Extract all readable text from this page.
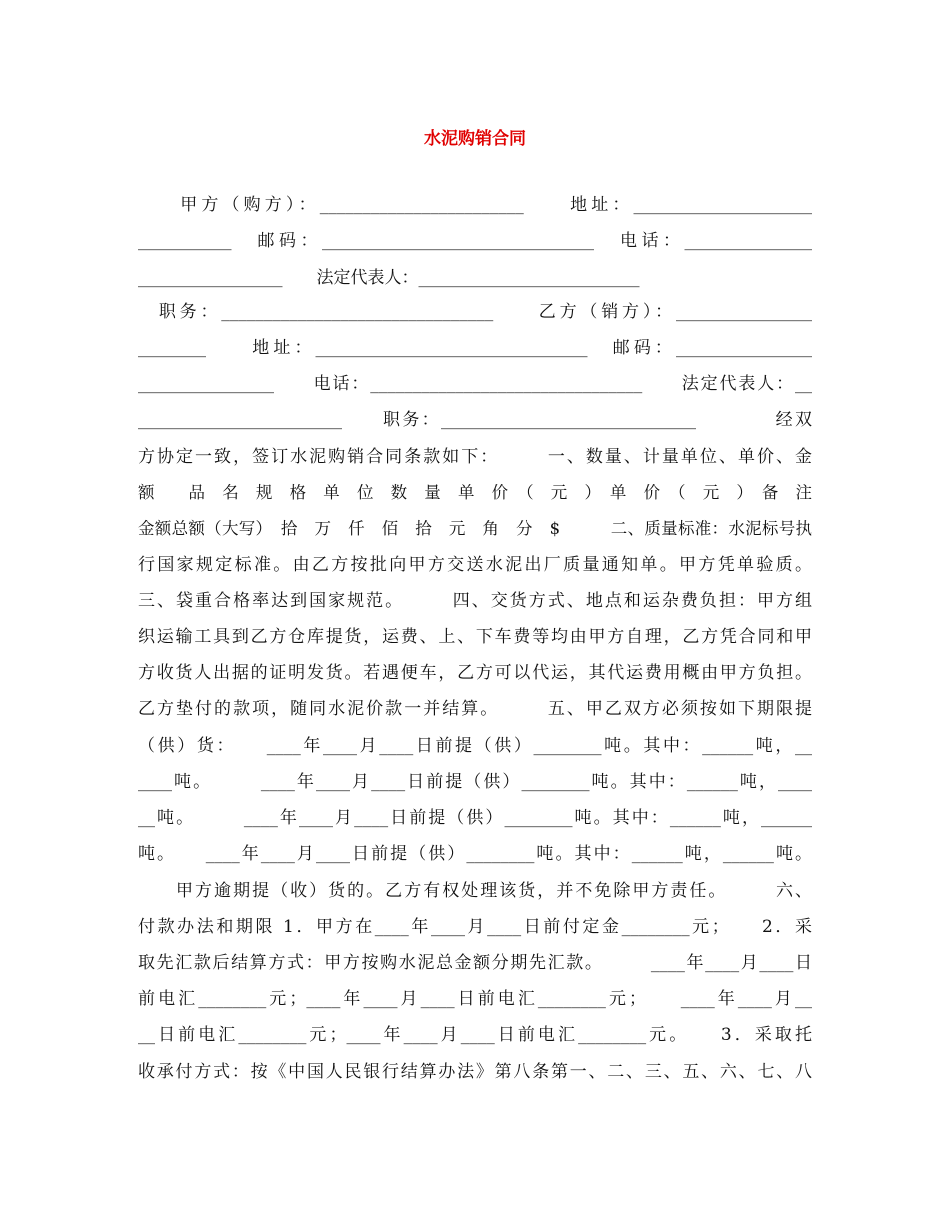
水泥购销合同
　　甲方（购方）：________________________　　地址：_____________________
___________　邮码：________________________________　电话：_______________
_________________　　法定代表人：__________________________
　职务：________________________________　　乙方（销方）：________________
________　　地址：________________________________　邮码：________________
________________　　电话：________________________________　　法定代表人：__
________________________　　职务：______________________________　　　　经双
方协定一致，签订水泥购销合同条款如下：　　　一、数量、计量单位、单价、金
额　　品　名　规　格　单　位　数　量　单　价　（　元　）　单　价　（　元　）　备　注
金额总额（大写）　拾　万　仟　佰　拾　元　角　分　$　　　二、质量标准：水泥标号执
行国家规定标准。由乙方按批向甲方交送水泥出厂质量通知单。甲方凭单验质。
三、袋重合格率达到国家规范。　　　四、交货方式、地点和运杂费负担：甲方组
织运输工具到乙方仓库提货，运费、上、下车费等均由甲方自理，乙方凭合同和甲
方收货人出据的证明发货。若遇便车，乙方可以代运，其代运费用概由甲方负担。
乙方垫付的款项，随同水泥价款一并结算。　　　五、甲乙双方必须按如下期限提
（供）货：　　____年____月____日前提（供）________吨。其中：______吨，__
____吨。　　　____年____月____日前提（供）________吨。其中：______吨，____
__吨。　　　____年____月____日前提（供）________吨。其中：______吨，______
吨。　　____年____月____日前提（供）________吨。其中：______吨，______吨。
　　甲方逾期提（收）货的。乙方有权处理该货，并不免除甲方责任。　　　六、
付款办法和期限 1．甲方在____年____月____日前付定金________元；　　2．采
取先汇款后结算方式：甲方按购水泥总金额分期先汇款。　　　____年____月____日
前电汇________元；____年____月____日前电汇________元；　　____年____月__
__日前电汇________元；____年____月____日前电汇________元。　　3．采取托
收承付方式：按《中国人民银行结算办法》第八条第一、二、三、五、六、七、八
